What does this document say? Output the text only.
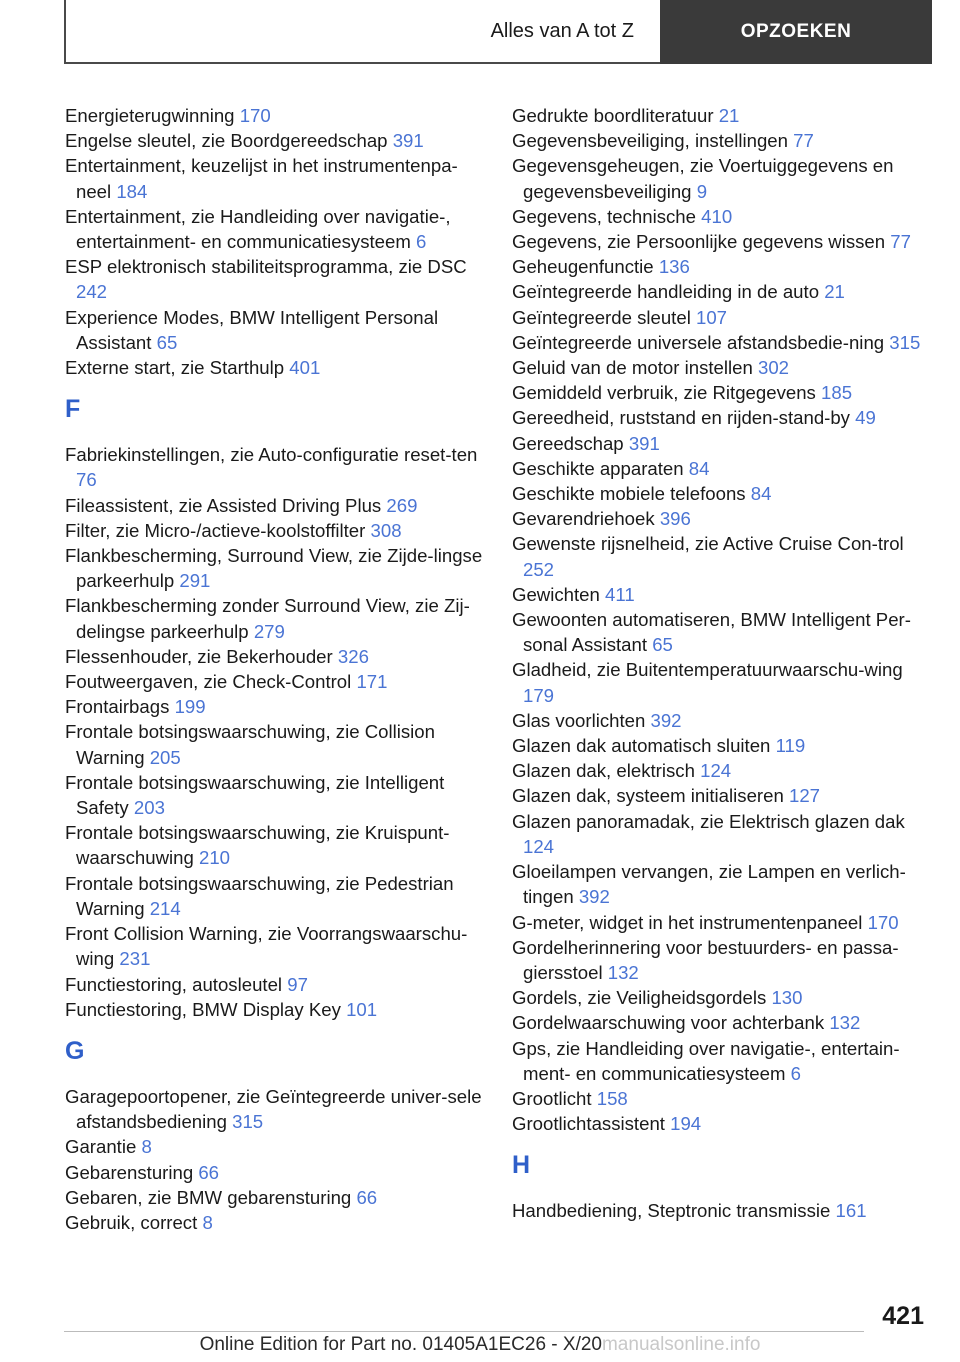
Alles van A tot Z	OPZOEKEN
Energieterugwinning 170
Engelse sleutel, zie Boordgereedschap 391
Entertainment, keuzelijst in het instrumentenpa-neel 184
Entertainment, zie Handleiding over navigatie-, entertainment- en communicatiesysteem 6
ESP elektronisch stabiliteitsprogramma, zie DSC 242
Experience Modes, BMW Intelligent Personal Assistant 65
Externe start, zie Starthulp 401
F
Fabriekinstellingen, zie Auto-configuratie reset-ten 76
Fileassistent, zie Assisted Driving Plus 269
Filter, zie Micro-/actieve-koolstoffilter 308
Flankbescherming, Surround View, zie Zijde-lingse parkeerhulp 291
Flankbescherming zonder Surround View, zie Zij-delingse parkeerhulp 279
Flessenhouder, zie Bekerhouder 326
Foutweergaven, zie Check-Control 171
Frontairbags 199
Frontale botsingswaarschuwing, zie Collision Warning 205
Frontale botsingswaarschuwing, zie Intelligent Safety 203
Frontale botsingswaarschuwing, zie Kruispunt-waarschuwing 210
Frontale botsingswaarschuwing, zie Pedestrian Warning 214
Front Collision Warning, zie Voorrangswaarschu-wing 231
Functiestoring, autosleutel 97
Functiestoring, BMW Display Key 101
G
Garagepoortopener, zie Geïntegreerde univer-sele afstandsbediening 315
Garantie 8
Gebarensturing 66
Gebaren, zie BMW gebarensturing 66
Gebruik, correct 8
Gedrukte boordliteratuur 21
Gegevensbeveiliging, instellingen 77
Gegevensgeheugen, zie Voertuiggegevens en gegevensbeveiliging 9
Gegevens, technische 410
Gegevens, zie Persoonlijke gegevens wissen 77
Geheugenfunctie 136
Geïntegreerde handleiding in de auto 21
Geïntegreerde sleutel 107
Geïntegreerde universele afstandsbedie-ning 315
Geluid van de motor instellen 302
Gemiddeld verbruik, zie Ritgegevens 185
Gereedheid, ruststand en rijden-stand-by 49
Gereedschap 391
Geschikte apparaten 84
Geschikte mobiele telefoons 84
Gevarendriehoek 396
Gewenste rijsnelheid, zie Active Cruise Con-trol 252
Gewichten 411
Gewoonten automatiseren, BMW Intelligent Per-sonal Assistant 65
Gladheid, zie Buitentemperatuurwaarschu-wing 179
Glas voorlichten 392
Glazen dak automatisch sluiten 119
Glazen dak, elektrisch 124
Glazen dak, systeem initialiseren 127
Glazen panoramadak, zie Elektrisch glazen dak 124
Gloeilampen vervangen, zie Lampen en verlich-tingen 392
G-meter, widget in het instrumentenpaneel 170
Gordelherinnering voor bestuurders- en passa-giersstoel 132
Gordels, zie Veiligheidsgordels 130
Gordelwaarschuwing voor achterbank 132
Gps, zie Handleiding over navigatie-, entertain-ment- en communicatiesysteem 6
Grootlicht 158
Grootlichtassistent 194
H
Handbediening, Steptronic transmissie 161
421
Online Edition for Part no. 01405A1EC26 - X/20manualsonline.info
